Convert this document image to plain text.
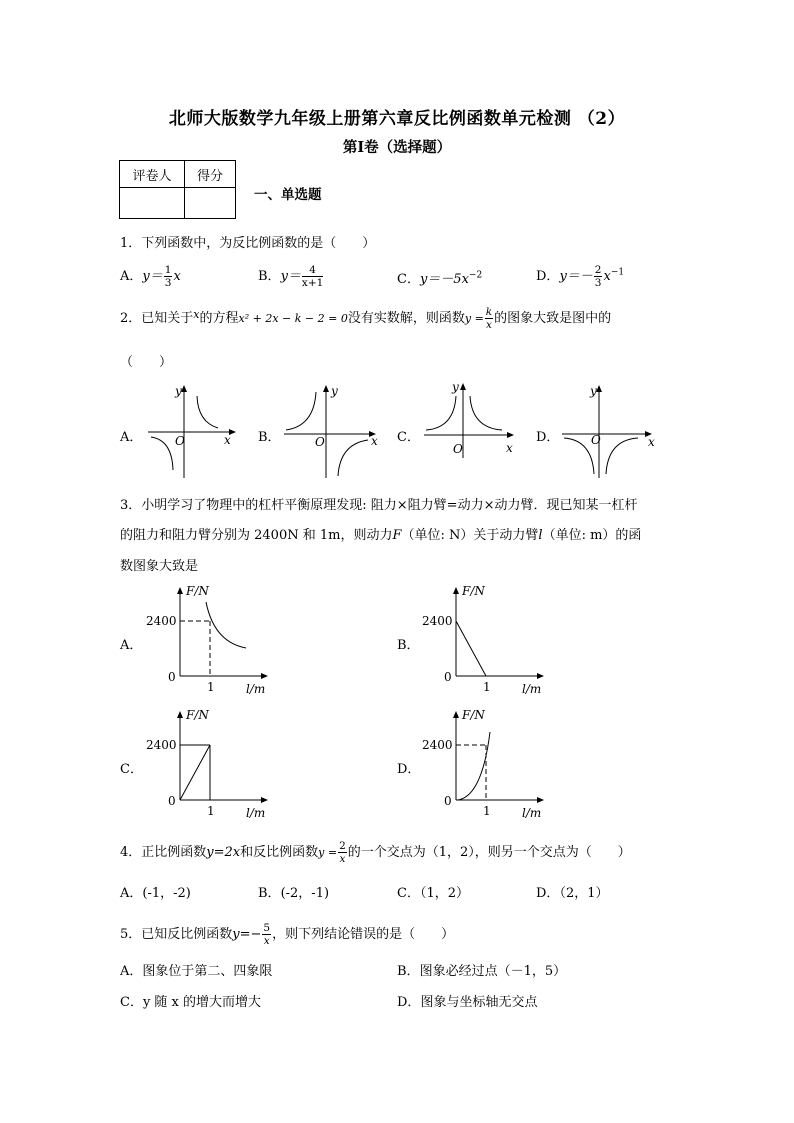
北师大版数学九年级上册第六章反比例函数单元检测 （2）
第Ⅰ卷（选择题）
评卷人	得分

一、单选题
1．下列函数中，为反比例函数的是（　　）
A．$y= \frac{1}{3}$ x	B．$y= \frac{4}{x+1}$	C．$y=-5x^{-2}$	D．$y=- \frac{2}{3} x^{-1}$
2．已知关于$^x$的方程x² + 2x − k − 2 = 0没有实数解，则函数$y = \frac{k}{x}$ 的图象大致是图中的
（　　）
A．
y
x
O	B．
y
x
O	C．
y
x
O
D．
y
x
O
3．小明学习了物理中的杠杆平衡原理发现: 阻力×阻力臂=动力×动力臂．现已知某一杠杆
的阻力和阻力臂分别为 2400N 和 1m，则动力F（单位: N）关于动力臂l（单位: m）的函
数图象大致是
A．
F/N
l/m
2400
0
1
B．
F/N
l/m
2400
0
1
C．
F/N
l/m
2400
0
1
D．
F/N
l/m
2400
0
1
4．正比例函数y=2x和反比例函数$y = \frac{2}{x}$ 的一个交点为（1，2），则另一个交点为（　　）
A．(-1，-2)	B．(-2，-1)	C．（1，2）	D．（2，1）
5．已知反比例函数$y=- \frac{5}{x}$ ，则下列结论错误的是（　　）
A．图象位于第二、四象限	B．图象必经过点（－1，5）
C．y 随 x 的增大而增大	D．图象与坐标轴无交点
